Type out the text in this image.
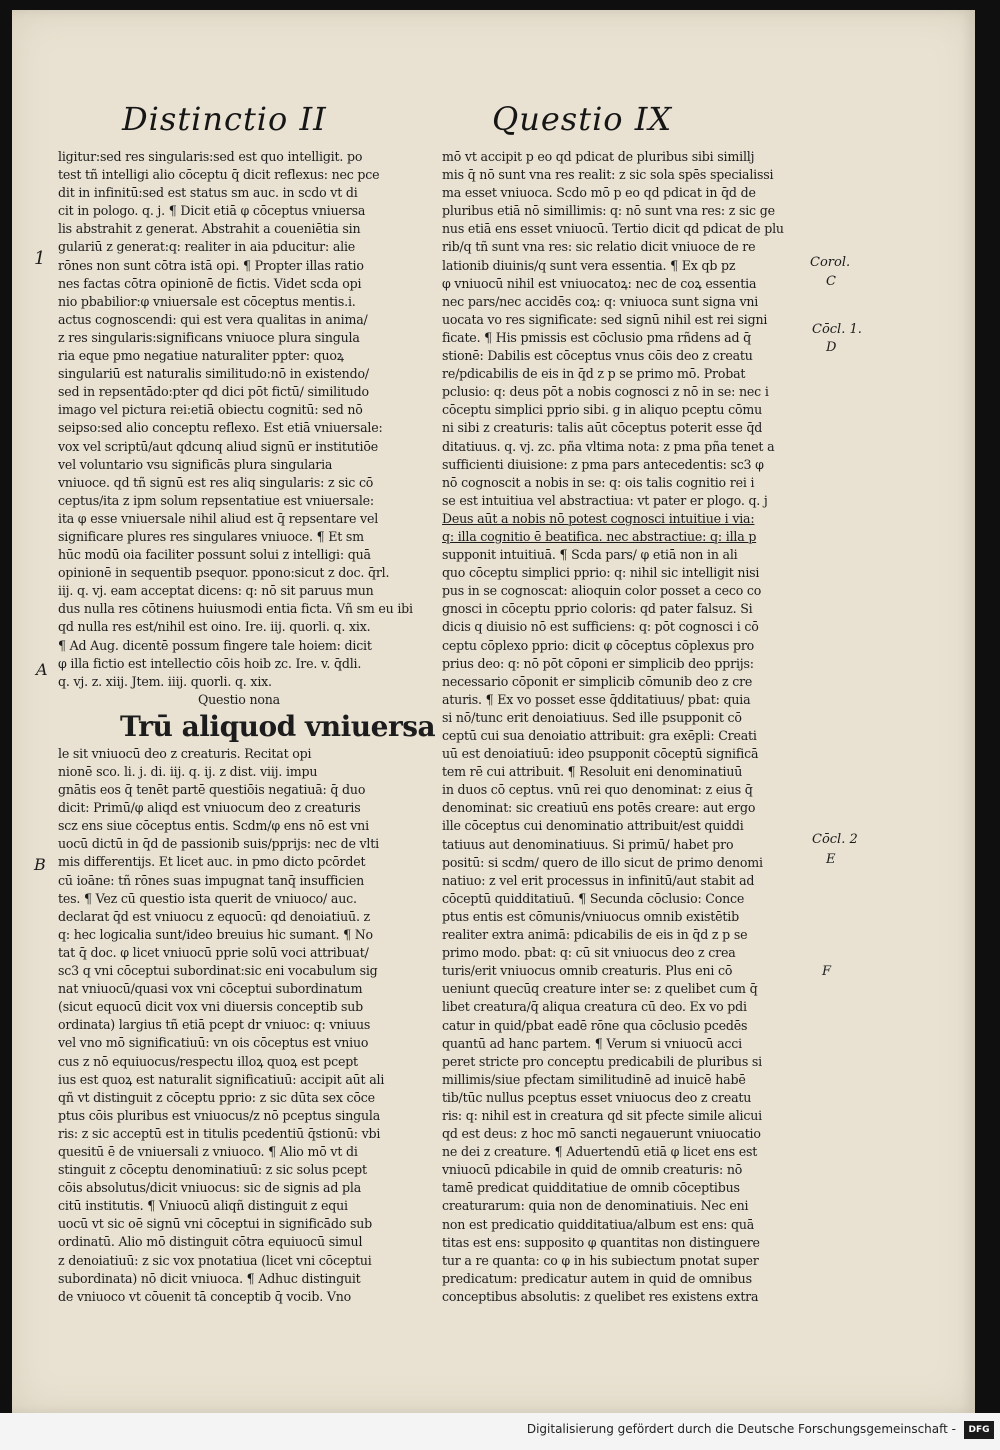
Distinctio II	Questio IX
1
A
B
Corol.
C
Cōcl. 1.
D
Cōcl. 2
E
F
ligitur:sed res singularis:sed est quo intelligit. po
test tñ intelligi alio cōceptu q̄ dicit reflexus: nec pce
dit in infinitū:sed est status sm auc. in scdo vt di
cit in pologo. q. j. ¶ Dicit etiā φ cōceptus vniuersa
lis abstrahit z generat. Abstrahit a coueniētia sin
gulariū z generat:q: realiter in aia pducitur: alie
rōnes non sunt cōtra istā opi. ¶ Propter illas ratio
nes factas cōtra opinionē de fictis. Videt scda opi
nio pbabilior:φ vniuersale est cōceptus mentis.i.
actus cognoscendi: qui est vera qualitas in anima/
z res singularis:significans vniuoce plura singula
ria eque pmo negatiue naturaliter ppter: quoꝝ
singulariū est naturalis similitudo:nō in existendo/
sed in repsentādo:pter qd dici pōt fictū/ similitudo
imago vel pictura rei:etiā obiectu cognitū: sed nō
seipso:sed alio conceptu reflexo. Est etiā vniuersale:
vox vel scriptū/aut qdcunq aliud signū er institutiōe
vel voluntario vsu significās plura singularia
vniuoce. qd tñ signū est res aliq singularis: z sic cō
ceptus/ita z ipm solum repsentatiue est vniuersale:
ita φ esse vniuersale nihil aliud est q̄ repsentare vel
significare plures res singulares vniuoce. ¶ Et sm
hūc modū oia faciliter possunt solui z intelligi: quā
opinionē in sequentib psequor. ppono:sicut z doc. q̄rl.
iij. q. vj. eam acceptat dicens: q: nō sit paruus mun
dus nulla res cōtinens huiusmodi entia ficta. Vñ sm eu ibi
qd nulla res est/nihil est oino. Ire. iij. quorli. q. xix.
¶ Ad Aug. dicentē possum fingere tale hoiem: dicit
φ illa fictio est intellectio cōis hoib zc. Ire. v. q̄dli.
q. vj. z. xiij. Jtem. iiij. quorli. q. xix.
Questio nona
Trū aliquod vniuersa
le sit vniuocū deo z creaturis. Recitat opi
nionē sco. li. j. di. iij. q. ij. z dist. viij. impu
gnātis eos q̄ tenēt partē questiōis negatiuā: q̄ duo
dicit: Primū/φ aliqd est vniuocum deo z creaturis
scz ens siue cōceptus entis. Scdm/φ ens nō est vni
uocū dictū in q̄d de passionib suis/pprijs: nec de vlti
mis differentijs. Et licet auc. in pmo dicto pcōrdet
cū ioāne: tñ rōnes suas impugnat tanq̄ insufficien
tes. ¶ Vez cū questio ista querit de vniuoco/ auc.
declarat q̄d est vniuocu z equocū: qd denoiatiuū. z
q: hec logicalia sunt/ideo breuius hic sumant. ¶ No
tat q̄ doc. φ licet vniuocū pprie solū voci attribuat/
sc3 q vni cōceptui subordinat:sic eni vocabulum sig
nat vniuocū/quasi vox vni cōceptui subordinatum
(sicut equocū dicit vox vni diuersis conceptib sub
ordinata) largius tñ etiā pcept dr vniuoc: q: vniuus
vel vno mō significatiuū: vn ois cōceptus est vniuo
cus z nō equiuocus/respectu illoꝝ quoꝝ est pcept
ius est quoꝝ est naturalit significatiuū: accipit aūt ali
qñ vt distinguit z cōceptu pprio: z sic dūta sex cōce
ptus cōis pluribus est vniuocus/z nō pceptus singula
ris: z sic acceptū est in titulis pcedentiū q̄stionū: vbi
quesitū ē de vniuersali z vniuoco. ¶ Alio mō vt di
stinguit z cōceptu denominatiuū: z sic solus pcept
cōis absolutus/dicit vniuocus: sic de signis ad pla
citū institutis. ¶ Vniuocū aliqñ distinguit z equi
uocū vt sic oē signū vni cōceptui in significādo sub
ordinatū. Alio mō distinguit cōtra equiuocū simul
z denoiatiuū: z sic vox pnotatiua (licet vni cōceptui
subordinata) nō dicit vniuoca. ¶ Adhuc distinguit
de vniuoco vt cōuenit tā conceptib q̄ vocib. Vno
mō vt accipit p eo qd pdicat de pluribus sibi simillj
mis q̄ nō sunt vna res realit: z sic sola spēs specialissi
ma esset vniuoca. Scdo mō p eo qd pdicat in q̄d de
pluribus etiā nō simillimis: q: nō sunt vna res: z sic ge
nus etiā ens esset vniuocū. Tertio dicit qd pdicat de plu
rib/q tñ sunt vna res: sic relatio dicit vniuoce de re
lationib diuinis/q sunt vera essentia. ¶ Ex qb pz
φ vniuocū nihil est vniuocatoꝝ: nec de coꝝ essentia
nec pars/nec accidēs coꝝ: q: vniuoca sunt signa vni
uocata vo res significate: sed signū nihil est rei signi
ficate. ¶ His pmissis est cōclusio pma rñdens ad q̄
stionē: Dabilis est cōceptus vnus cōis deo z creatu
re/pdicabilis de eis in q̄d z p se primo mō. Probat
pclusio: q: deus pōt a nobis cognosci z nō in se: nec i
cōceptu simplici pprio sibi. g in aliquo pceptu cōmu
ni sibi z creaturis: talis aūt cōceptus poterit esse q̄d
ditatiuus. q. vj. zc. pña vltima nota: z pma pña tenet a
sufficienti diuisione: z pma pars antecedentis: sc3 φ
nō cognoscit a nobis in se: q: ois talis cognitio rei i
se est intuitiua vel abstractiua: vt pater er plogo. q. j
Deus aūt a nobis nō potest cognosci intuitiue i via:
q: illa cognitio ē beatifica. nec abstractiue: q: illa p
supponit intuitiuā. ¶ Scda pars/ φ etiā non in ali
quo cōceptu simplici pprio: q: nihil sic intelligit nisi
pus in se cognoscat: alioquin color posset a ceco co
gnosci in cōceptu pprio coloris: qd pater falsuz. Si
dicis q diuisio nō est sufficiens: q: pōt cognosci i cō
ceptu cōplexo pprio: dicit φ cōceptus cōplexus pro
prius deo: q: nō pōt cōponi er simplicib deo pprijs:
necessario cōponit er simplicib cōmunib deo z cre
aturis. ¶ Ex vo posset esse q̄dditatiuus/ pbat: quia
si nō/tunc erit denoiatiuus. Sed ille psupponit cō
ceptū cui sua denoiatio attribuit: gra exēpli: Creati
uū est denoiatiuū: ideo psupponit cōceptū significā
tem rē cui attribuit. ¶ Resoluit eni denominatiuū
in duos cō ceptus. vnū rei quo denominat: z eius q̄
denominat: sic creatiuū ens potēs creare: aut ergo
ille cōceptus cui denominatio attribuit/est quiddi
tatiuus aut denominatiuus. Si primū/ habet pro
positū: si scdm/ quero de illo sicut de primo denomi
natiuo: z vel erit processus in infinitū/aut stabit ad
cōceptū quidditatiuū. ¶ Secunda cōclusio: Conce
ptus entis est cōmunis/vniuocus omnib existētib
realiter extra animā: pdicabilis de eis in q̄d z p se
primo modo. pbat: q: cū sit vniuocus deo z crea
turis/erit vniuocus omnib creaturis. Plus eni cō
ueniunt quecūq creature inter se: z quelibet cum q̄
libet creatura/q̄ aliqua creatura cū deo. Ex vo pdi
catur in quid/pbat eadē rōne qua cōclusio pcedēs
quantū ad hanc partem. ¶ Verum si vniuocū acci
peret stricte pro conceptu predicabili de pluribus si
millimis/siue pfectam similitudinē ad inuicē habē
tib/tūc nullus pceptus esset vniuocus deo z creatu
ris: q: nihil est in creatura qd sit pfecte simile alicui
qd est deus: z hoc mō sancti negauerunt vniuocatio
ne dei z creature. ¶ Aduertendū etiā φ licet ens est
vniuocū pdicabile in quid de omnib creaturis: nō
tamē predicat quidditatiue de omnib cōceptibus
creaturarum: quia non de denominatiuis. Nec eni
non est predicatio quidditatiua/album est ens: quā
titas est ens: supposito φ quantitas non distinguere
tur a re quanta: co φ in his subiectum pnotat super
predicatum: predicatur autem in quid de omnibus
conceptibus absolutis: z quelibet res existens extra
Digitalisierung gefördert durch die Deutsche Forschungsgemeinschaft -	DFG
